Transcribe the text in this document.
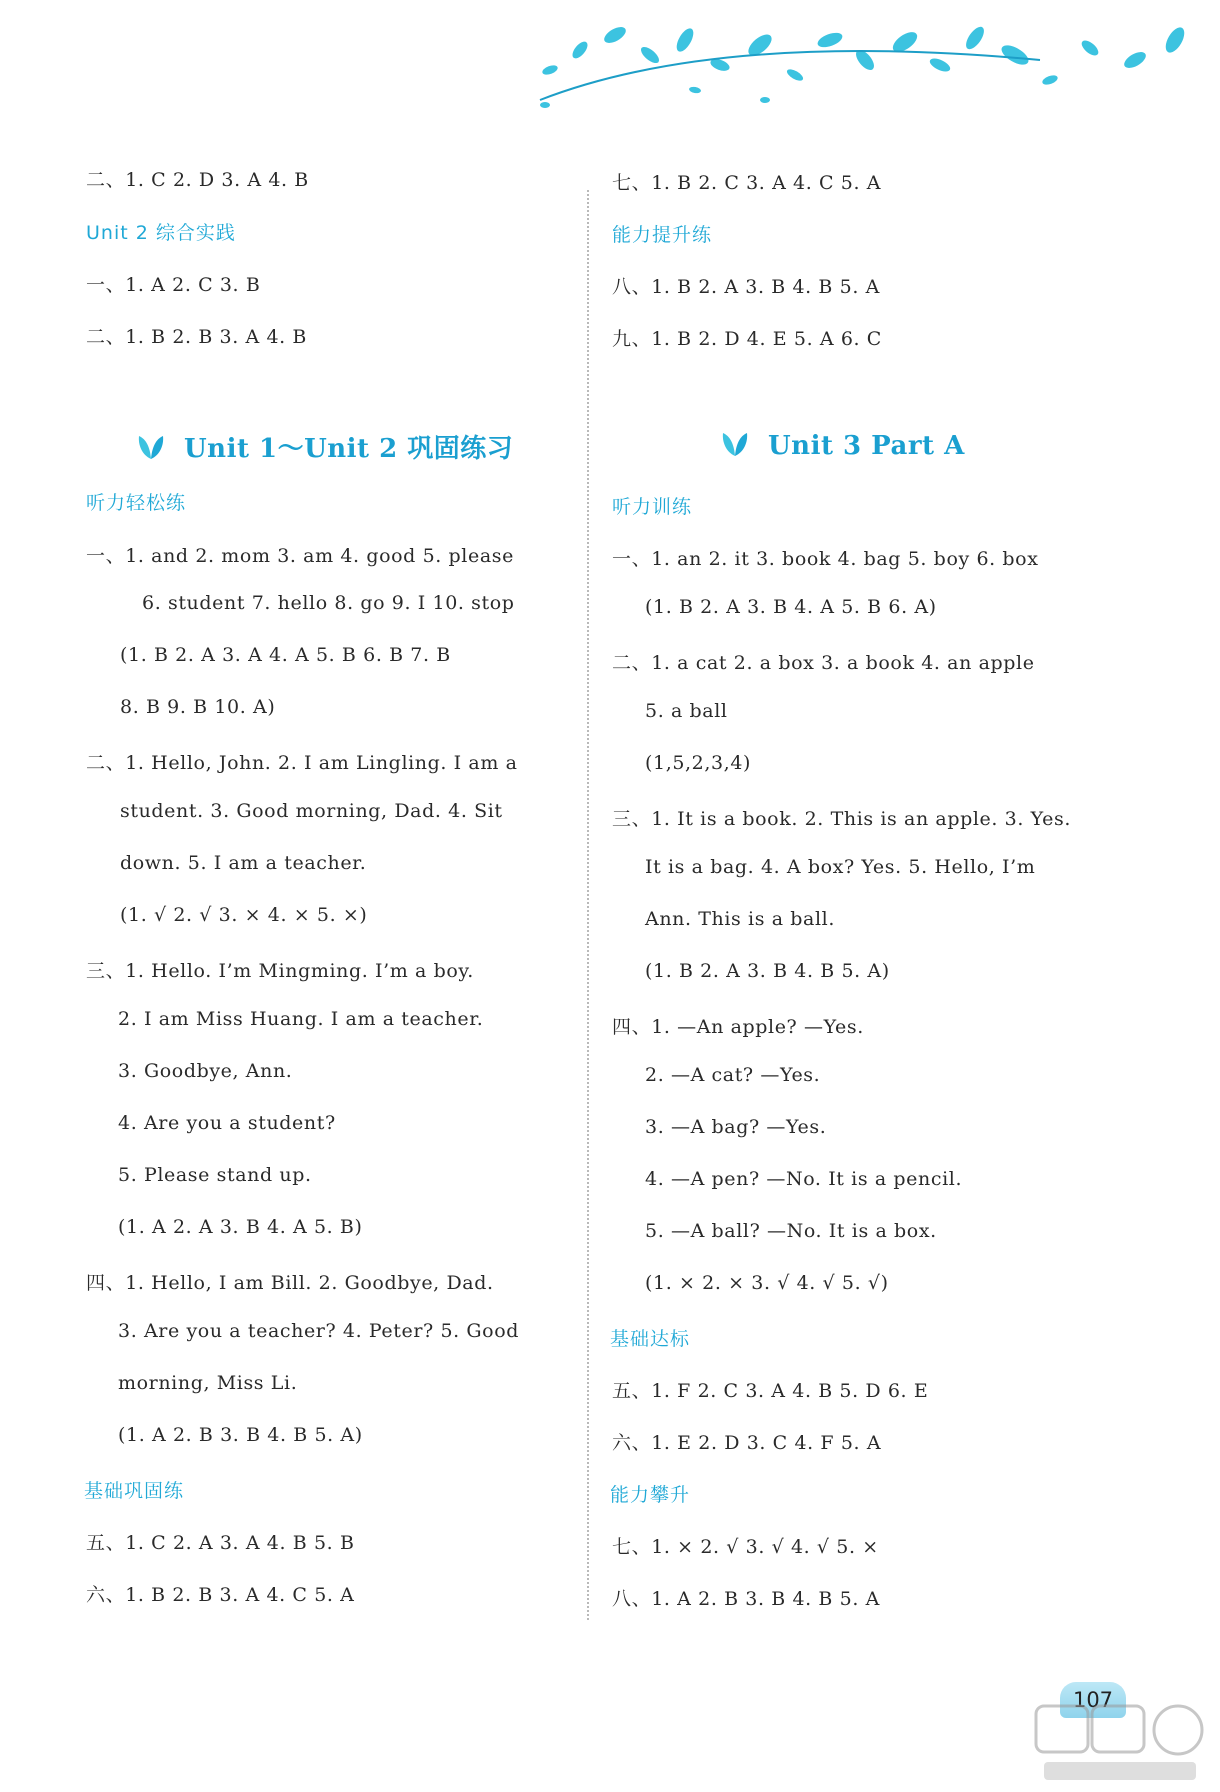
二、1. C 2. D 3. A 4. B
Unit 2 综合实践
一、1. A 2. C 3. B
二、1. B 2. B 3. A 4. B
Unit 1～Unit 2 巩固练习
听力轻松练
一、1. and 2. mom 3. am 4. good 5. please
6. student 7. hello 8. go 9. I 10. stop
(1. B 2. A 3. A 4. A 5. B 6. B 7. B
8. B 9. B 10. A)
二、1. Hello, John. 2. I am Lingling. I am a
student. 3. Good morning, Dad. 4. Sit
down. 5. I am a teacher.
(1. √ 2. √ 3. × 4. × 5. ×)
三、1. Hello. I’m Mingming. I’m a boy.
2. I am Miss Huang. I am a teacher.
3. Goodbye, Ann.
4. Are you a student?
5. Please stand up.
(1. A 2. A 3. B 4. A 5. B)
四、1. Hello, I am Bill. 2. Goodbye, Dad.
3. Are you a teacher? 4. Peter? 5. Good
morning, Miss Li.
(1. A 2. B 3. B 4. B 5. A)
基础巩固练
五、1. C 2. A 3. A 4. B 5. B
六、1. B 2. B 3. A 4. C 5. A
七、1. B 2. C 3. A 4. C 5. A
能力提升练
八、1. B 2. A 3. B 4. B 5. A
九、1. B 2. D 4. E 5. A 6. C
Unit 3 Part A
听力训练
一、1. an 2. it 3. book 4. bag 5. boy 6. box
(1. B 2. A 3. B 4. A 5. B 6. A)
二、1. a cat 2. a box 3. a book 4. an apple
5. a ball
(1,5,2,3,4)
三、1. It is a book. 2. This is an apple. 3. Yes.
It is a bag. 4. A box? Yes. 5. Hello, I’m
Ann. This is a ball.
(1. B 2. A 3. B 4. B 5. A)
四、1. —An apple? —Yes.
2. —A cat? —Yes.
3. —A bag? —Yes.
4. —A pen? —No. It is a pencil.
5. —A ball? —No. It is a box.
(1. × 2. × 3. √ 4. √ 5. √)
基础达标
五、1. F 2. C 3. A 4. B 5. D 6. E
六、1. E 2. D 3. C 4. F 5. A
能力攀升
七、1. × 2. √ 3. √ 4. √ 5. ×
八、1. A 2. B 3. B 4. B 5. A
107
